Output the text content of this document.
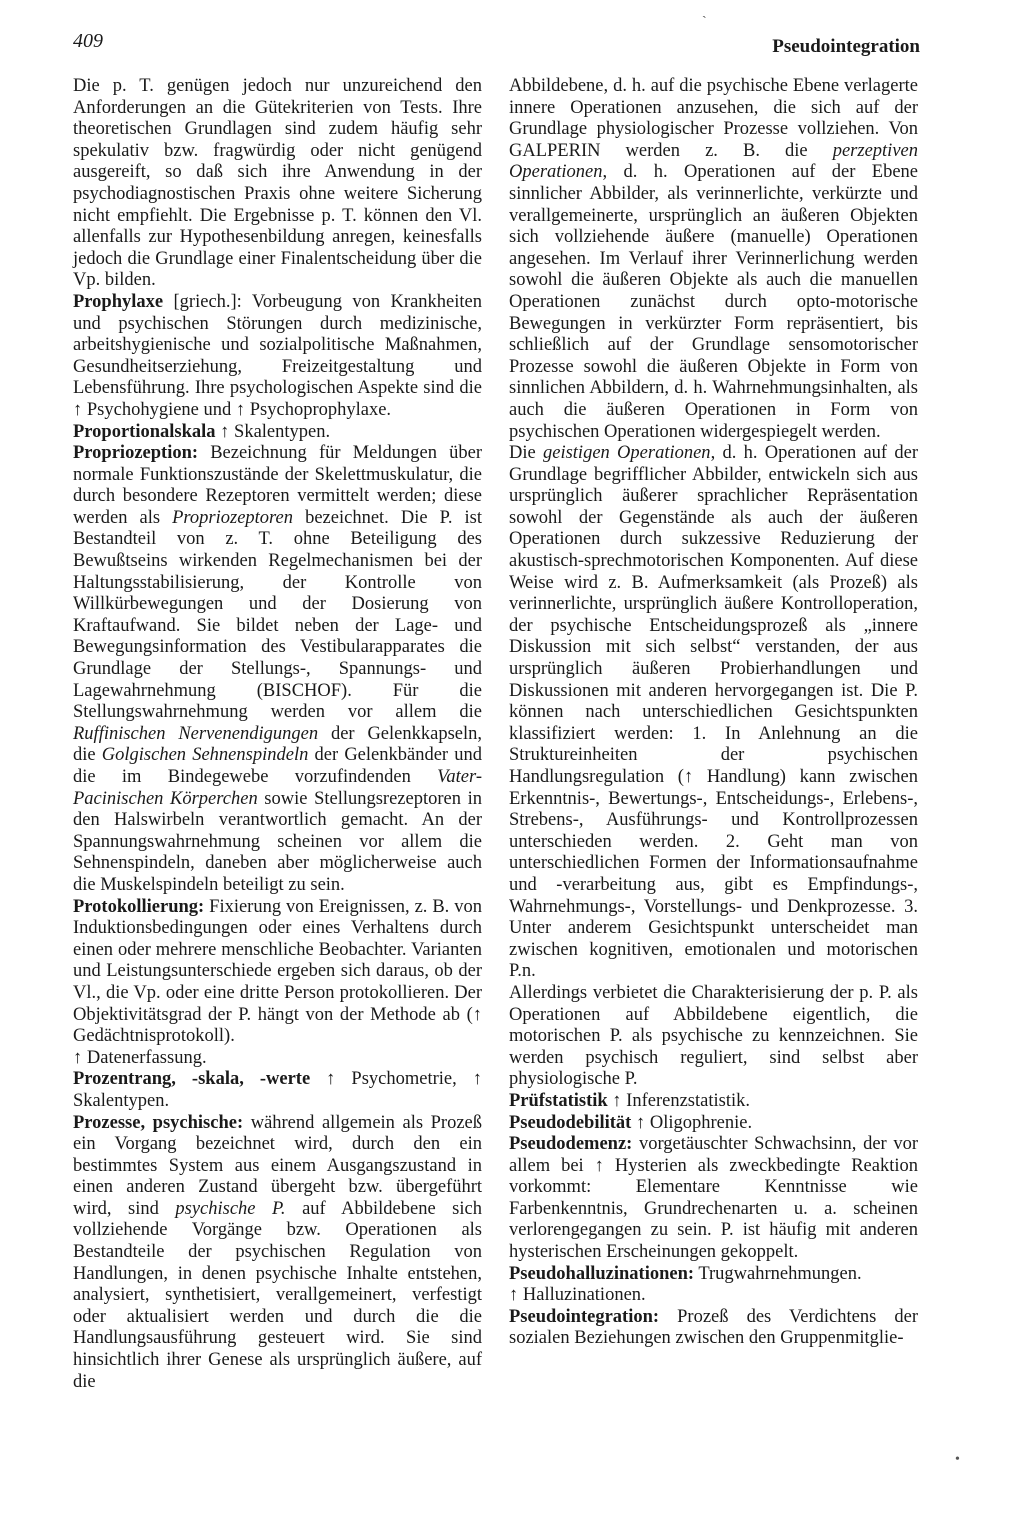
409	Pseudointegration
ˏ
•

Die p. T. genügen jedoch nur unzureichend den Anforderungen an die Gütekriterien von Tests. Ihre theoretischen Grundlagen sind zudem häufig sehr spekulativ bzw. fragwürdig oder nicht genügend ausgereift, so daß sich ihre Anwendung in der psychodiagnostischen Praxis ohne weitere Sicherung nicht empfiehlt. Die Ergebnisse p. T. können den Vl. allenfalls zur Hypothesenbildung anregen, keinesfalls jedoch die Grundlage einer Finalentscheidung über die Vp. bilden.

Prophylaxe [griech.]: Vorbeugung von Krankheiten und psychischen Störungen durch medizinische, arbeitshygienische und sozialpolitische Maßnahmen, Gesundheitserziehung, Freizeitgestaltung und Lebensführung. Ihre psychologischen Aspekte sind die ↑ Psychohygiene und ↑ Psychoprophylaxe.

Proportionalskala ↑ Skalentypen.

Propriozeption: Bezeichnung für Meldungen über normale Funktionszustände der Skelettmuskulatur, die durch besondere Rezeptoren vermittelt werden; diese werden als Propriozeptoren bezeichnet. Die P. ist Bestandteil von z. T. ohne Beteiligung des Bewußtseins wirkenden Regelmechanismen bei der Haltungsstabilisierung, der Kontrolle von Willkürbewegungen und der Dosierung von Kraftaufwand. Sie bildet neben der Lage- und Bewegungsinformation des Vestibularapparates die Grundlage der Stellungs-, Spannungs- und Lagewahrnehmung (BISCHOF). Für die Stellungswahrnehmung werden vor allem die Ruffinischen Nervenendigungen der Gelenkkapseln, die Golgischen Sehnenspindeln der Gelenkbänder und die im Bindegewebe vorzufindenden Vater-Pacinischen Körperchen sowie Stellungsrezeptoren in den Halswirbeln verantwortlich gemacht. An der Spannungswahrnehmung scheinen vor allem die Sehnenspindeln, daneben aber möglicherweise auch die Muskelspindeln beteiligt zu sein.

Protokollierung: Fixierung von Ereignissen, z. B. von Induktionsbedingungen oder eines Verhaltens durch einen oder mehrere menschliche Beobachter. Varianten und Leistungsunterschiede ergeben sich daraus, ob der Vl., die Vp. oder eine dritte Person protokollieren. Der Objektivitätsgrad der P. hängt von der Methode ab (↑ Gedächtnisprotokoll).

↑ Datenerfassung.

Prozentrang, -skala, -werte ↑ Psychometrie, ↑ Skalentypen.

Prozesse, psychische: während allgemein als Prozeß ein Vorgang bezeichnet wird, durch den ein bestimmtes System aus einem Ausgangszustand in einen anderen Zustand übergeht bzw. übergeführt wird, sind psychische P. auf Abbildebene sich vollziehende Vorgänge bzw. Operationen als Bestandteile der psychischen Regulation von Handlungen, in denen psychische Inhalte entstehen, analysiert, synthetisiert, verallgemeinert, verfestigt oder aktualisiert werden und durch die die Handlungsausführung gesteuert wird. Sie sind hinsichtlich ihrer Genese als ursprünglich äußere, auf die

Abbildebene, d. h. auf die psychische Ebene verlagerte innere Operationen anzusehen, die sich auf der Grundlage physiologischer Prozesse vollziehen. Von GALPERIN werden z. B. die perzeptiven Operationen, d. h. Operationen auf der Ebene sinnlicher Abbilder, als verinnerlichte, verkürzte und verallgemeinerte, ursprünglich an äußeren Objekten sich vollziehende äußere (manuelle) Operationen angesehen. Im Verlauf ihrer Verinnerlichung werden sowohl die äußeren Objekte als auch die manuellen Operationen zunächst durch opto-motorische Bewegungen in verkürzter Form repräsentiert, bis schließlich auf der Grundlage sensomotorischer Prozesse sowohl die äußeren Objekte in Form von sinnlichen Abbildern, d. h. Wahrnehmungsinhalten, als auch die äußeren Operationen in Form von psychischen Operationen widergespiegelt werden.

Die geistigen Operationen, d. h. Operationen auf der Grundlage begrifflicher Abbilder, entwickeln sich aus ursprünglich äußerer sprachlicher Repräsentation sowohl der Gegenstände als auch der äußeren Operationen durch sukzessive Reduzierung der akustisch-sprechmotorischen Komponenten. Auf diese Weise wird z. B. Aufmerksamkeit (als Prozeß) als verinnerlichte, ursprünglich äußere Kontrolloperation, der psychische Entscheidungsprozeß als „innere Diskussion mit sich selbst“ verstanden, der aus ursprünglich äußeren Probierhandlungen und Diskussionen mit anderen hervorgegangen ist. Die P. können nach unterschiedlichen Gesichtspunkten klassifiziert werden: 1. In Anlehnung an die Struktureinheiten der psychischen Handlungsregulation (↑ Handlung) kann zwischen Erkenntnis-, Bewertungs-, Entscheidungs-, Erlebens-, Strebens-, Ausführungs- und Kontrollprozessen unterschieden werden. 2. Geht man von unterschiedlichen Formen der Informationsaufnahme und -verarbeitung aus, gibt es Empfindungs-, Wahrnehmungs-, Vorstellungs- und Denkprozesse. 3. Unter anderem Gesichtspunkt unterscheidet man zwischen kognitiven, emotionalen und motorischen P.n.

Allerdings verbietet die Charakterisierung der p. P. als Operationen auf Abbildebene eigentlich, die motorischen P. als psychische zu kennzeichnen. Sie werden psychisch reguliert, sind selbst aber physiologische P.

Prüfstatistik ↑ Inferenzstatistik.

Pseudodebilität ↑ Oligophrenie.

Pseudodemenz: vorgetäuschter Schwachsinn, der vor allem bei ↑ Hysterien als zweckbedingte Reaktion vorkommt: Elementare Kenntnisse wie Farbenkenntnis, Grundrechenarten u. a. scheinen verlorengegangen zu sein. P. ist häufig mit anderen hysterischen Erscheinungen gekoppelt.

Pseudohalluzinationen: Trugwahrnehmungen.

↑ Halluzinationen.

Pseudointegration: Prozeß des Verdichtens der sozialen Beziehungen zwischen den Gruppenmitglie-
